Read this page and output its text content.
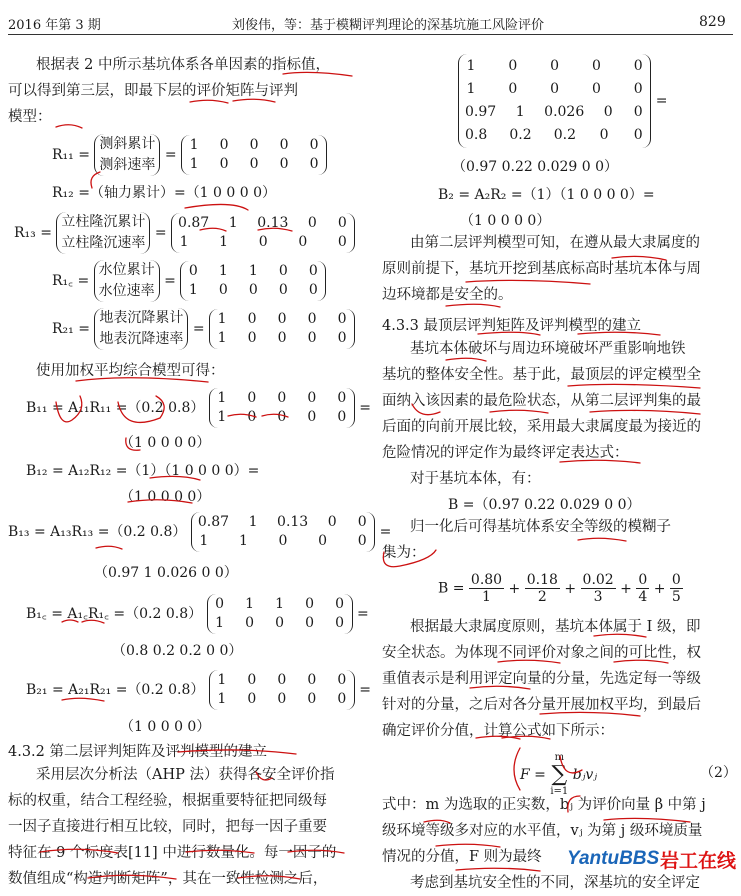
2016 年第 3 期	刘俊伟，等：基于模糊评判理论的深基坑施工风险评价	829
根据表 2 中所示基坑体系各单因素的指标值，
可以得到第三层，即最下层的评价矩阵与评判
模型：
R₁₁ =
测斜累计
测斜速率
=
1 0 0 0 0
1 0 0 0 0
R₁₂ =（轴力累计）=（1 0 0 0 0）
R₁₃ =
立柱隆沉累计
立柱隆沉速率
=
0.87 1 0.13 0 0
1 1 0 0 0
R₁꜀ =
水位累计
水位速率
=
0 1 1 0 0
1 0 0 0 0
R₂₁ =
地表沉降累计
地表沉降速率
=
1 0 0 0 0
1 0 0 0 0
使用加权平均综合模型可得：
B₁₁ = A₁₁R₁₁ =（0.2 0.8）
1 0 0 0 0
1 0 0 0 0
=
（1 0 0 0 0）
B₁₂ = A₁₂R₁₂ =（1）（1 0 0 0 0）=
（1 0 0 0 0）
B₁₃ = A₁₃R₁₃ =（0.2 0.8）
0.87 1 0.13 0 0
1 1 0 0 0
=
（0.97 1 0.026 0 0）
B₁꜀ = A₁꜀R₁꜀ =（0.2 0.8）
0 1 1 0 0
1 0 0 0 0
=
（0.8 0.2 0.2 0 0）
B₂₁ = A₂₁R₂₁ =（0.2 0.8）
1 0 0 0 0
1 0 0 0 0
=
（1 0 0 0 0）
4.3.2 第二层评判矩阵及评判模型的建立
采用层次分析法（AHP 法）获得各安全评价指
标的权重，结合工程经验，根据重要特征把同级每
一因子直接进行相互比较，同时，把每一因子重要
特征在 9 个标度表[11] 中进行数量化。每一因子的
数值组成“构造判断矩阵”，其在一致性检测之后，
1 0 0 0 0
1 0 0 0 0
0.97 1 0.026 0 0
0.8 0.2 0.2 0 0
=
（0.97 0.22 0.029 0 0）
B₂ = A₂R₂ =（1）（1 0 0 0 0）=
（1 0 0 0 0）
由第二层评判模型可知，在遵从最大隶属度的
原则前提下，基坑开挖到基底标高时基坑本体与周
边环境都是安全的。
4.3.3 最顶层评判矩阵及评判模型的建立
基坑本体破坏与周边环境破坏严重影响地铁
基坑的整体安全性。基于此，最顶层的评定模型全
面纳入该因素的最危险状态，从第二层评判集的最
后面的向前开展比较，采用最大隶属度最为接近的
危险情况的评定作为最终评定表达式：
对于基坑本体，有：
B =（0.97 0.22 0.029 0 0）
归一化后可得基坑体系安全等级的模糊子
集为：
$B = \frac{0.80}{1} + \frac{0.18}{2} + \frac{0.02}{3} + \frac{0}{4} + \frac{0}{5}$
根据最大隶属度原则，基坑本体属于 I 级，即
安全状态。为体现不同评价对象之间的可比性，权
重值表示是利用评定向量的分量，先选定每一等级
针对的分量，之后对各分量开展加权平均，到最后
确定评价分值，计算公式如下所示：
F =
m
∑
i=1
bⱼvⱼ	（2）
式中：m 为选取的正实数，bⱼ 为评价向量 β 中第 j
级环境等级多对应的水平值，vⱼ 为第 j 级环境质量
情况的分值，F 则为最终
考虑到基坑安全性的不同，深基坑的安全评定
YantuBBS 岩工在线
